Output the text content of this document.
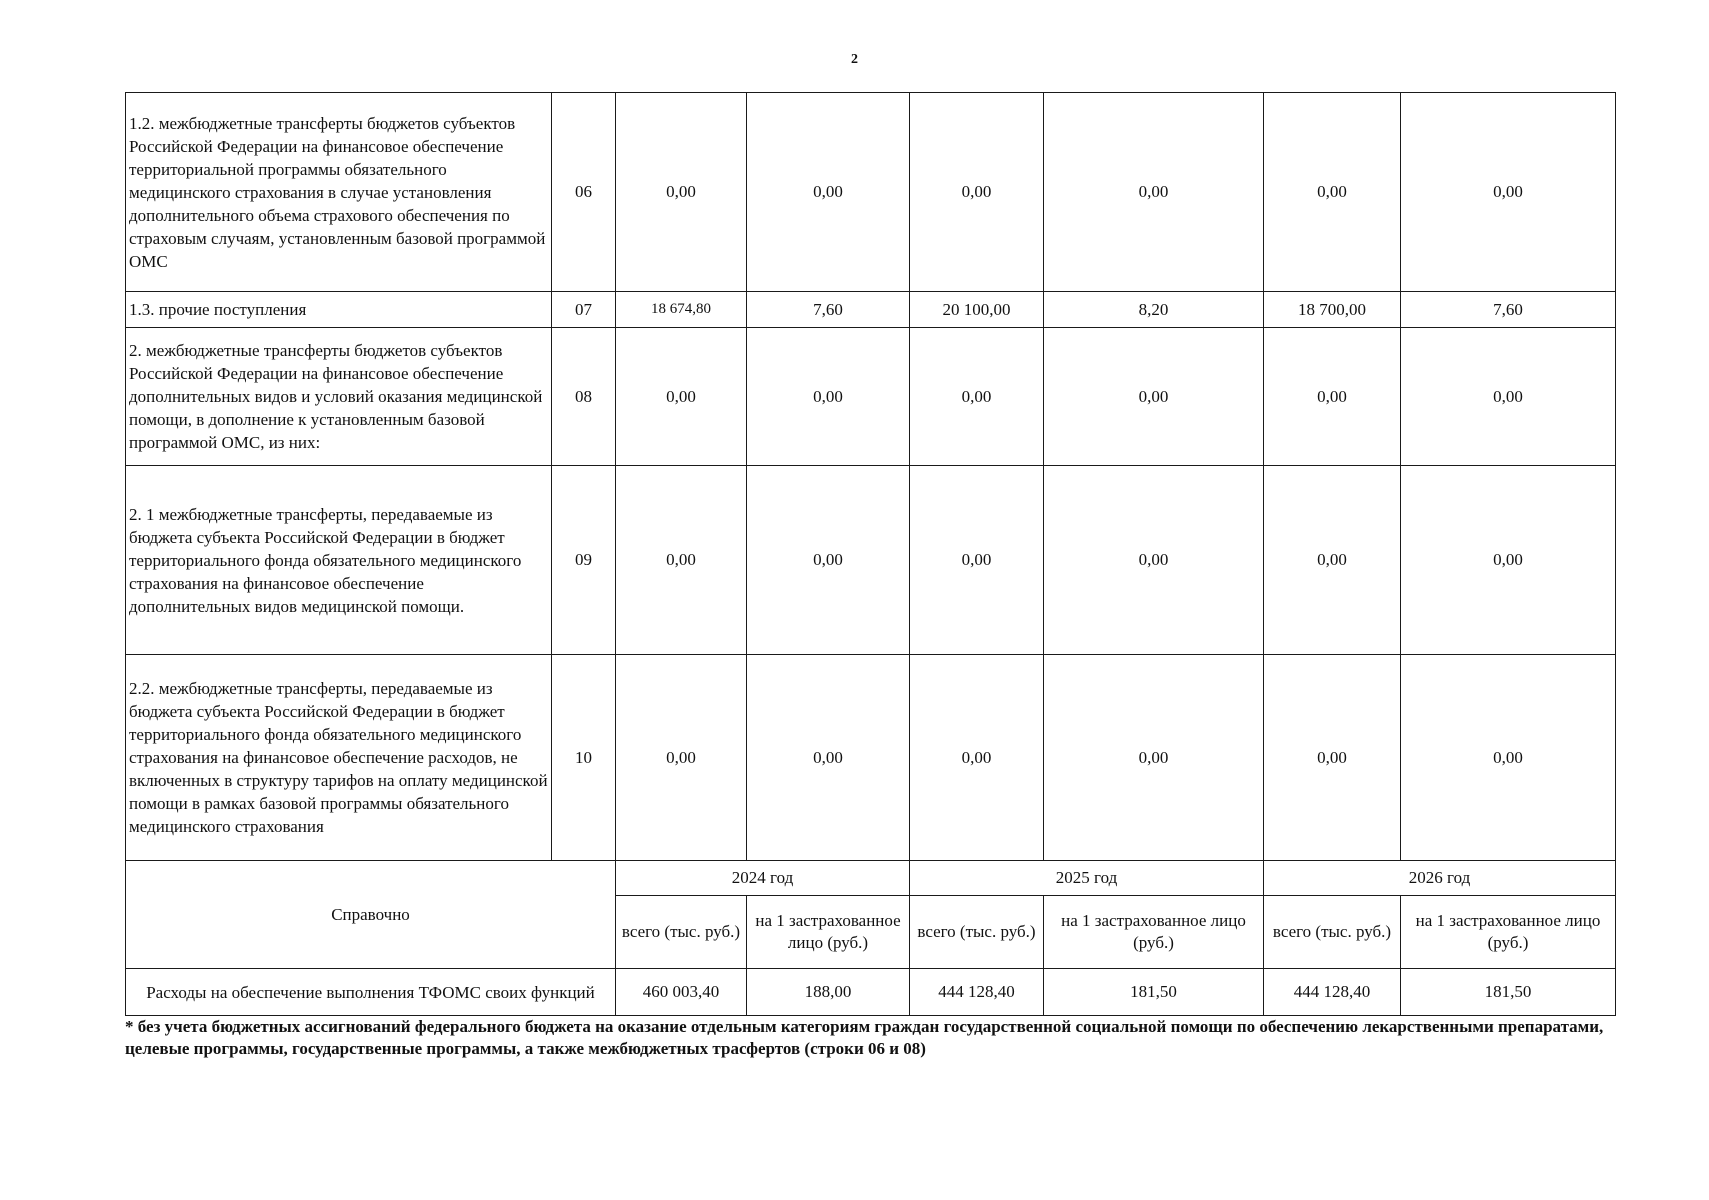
2
1.2. межбюджетные трансферты бюджетов субъектов Российской Федерации на финансовое обеспечение территориальной программы обязательного медицинского страхования в случае установления дополнительного объема страхового обеспечения по страховым случаям, установленным базовой программой ОМС	06	0,00	0,00	0,00	0,00	0,00	0,00
1.3. прочие поступления	07	18 674,80	7,60	20 100,00	8,20	18 700,00	7,60
2. межбюджетные трансферты бюджетов субъектов Российской Федерации на финансовое обеспечение дополнительных видов и условий оказания медицинской помощи, в дополнение к установленным базовой программой ОМС, из них:	08	0,00	0,00	0,00	0,00	0,00	0,00
2. 1 межбюджетные трансферты, передаваемые из бюджета субъекта Российской Федерации в бюджет территориального фонда обязательного медицинского страхования на финансовое обеспечение дополнительных видов медицинской помощи.	09	0,00	0,00	0,00	0,00	0,00	0,00
2.2. межбюджетные трансферты, передаваемые из бюджета субъекта Российской Федерации в бюджет территориального фонда обязательного медицинского страхования на финансовое обеспечение расходов, не включенных в структуру тарифов на оплату медицинской помощи в рамках базовой программы обязательного медицинского страхования	10	0,00	0,00	0,00	0,00	0,00	0,00
Справочно		2024 год		2025 год		2026 год	
		всего (тыс. руб.)	на 1 застрахованное лицо (руб.)	всего (тыс. руб.)	на 1 застрахованное лицо (руб.)	всего (тыс. руб.)	на 1 застрахованное лицо (руб.)
Расходы на обеспечение выполнения ТФОМС своих функций		460 003,40	188,00	444 128,40	181,50	444 128,40	181,50
* без учета бюджетных ассигнований федерального бюджета на оказание отдельным категориям граждан государственной социальной помощи по обеспечению лекарственными препаратами, целевые программы, государственные программы, а также межбюджетных трасфертов (строки 06 и 08)
